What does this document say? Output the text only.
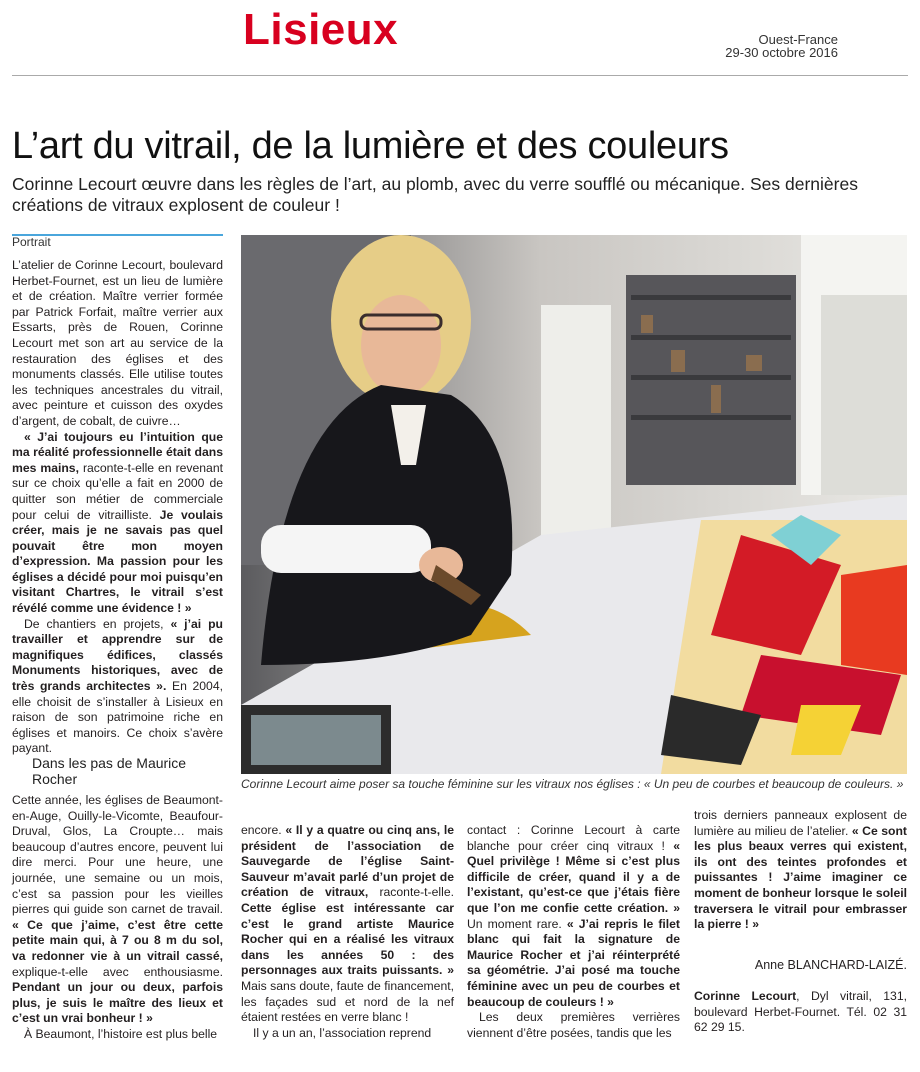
Lisieux	Ouest-France
29-30 octobre 2016
L’art du vitrail, de la lumière et des couleurs
Corinne Lecourt œuvre dans les règles de l’art, au plomb, avec du verre soufflé ou mécanique. Ses dernières créations de vitraux explosent de couleur !
Portrait

L’atelier de Corinne Lecourt, boulevard Herbet-Fournet, est un lieu de lumière et de création. Maître verrier formée par Patrick Forfait, maître verrier aux Essarts, près de Rouen, Corinne Lecourt met son art au service de la restauration des églises et des monuments classés. Elle utilise toutes les techniques ancestrales du vitrail, avec peinture et cuisson des oxydes d’argent, de cobalt, de cuivre…

« J’ai toujours eu l’intuition que ma réalité professionnelle était dans mes mains, raconte-t-elle en revenant sur ce choix qu’elle a fait en 2000 de quitter son métier de commerciale pour celui de vitrailliste. Je voulais créer, mais je ne savais pas quel pouvait être mon moyen d’expression. Ma passion pour les églises a décidé pour moi puisqu’en visitant Chartres, le vitrail s’est révélé comme une évidence ! »

De chantiers en projets, « j’ai pu travailler et apprendre sur de magnifiques édifices, classés Monuments historiques, avec de très grands architectes ». En 2004, elle choisit de s’installer à Lisieux en raison de son patrimoine riche en églises et manoirs. Ce choix s’avère payant.

Dans les pas de Maurice Rocher

Cette année, les églises de Beaumont-en-Auge, Ouilly-le-Vicomte, Beaufour-Druval, Glos, La Croupte… mais beaucoup d’autres encore, peuvent lui dire merci. Pour une heure, une journée, une semaine ou un mois, c’est sa passion pour les vieilles pierres qui guide son carnet de travail. « Ce que j’aime, c’est être cette petite main qui, à 7 ou 8 m du sol, va redonner vie à un vitrail cassé, explique-t-elle avec enthousiasme. Pendant un jour ou deux, parfois plus, je suis le maître des lieux et c’est un vrai bonheur ! »

À Beaumont, l’histoire est plus belle

Corinne Lecourt aime poser sa touche féminine sur les vitraux nos églises : « Un peu de courbes et beaucoup de couleurs. »

encore. « Il y a quatre ou cinq ans, le président de l’association de Sauvegarde de l’église Saint-Sauveur m’avait parlé d’un projet de création de vitraux, raconte-t-elle. Cette église est intéressante car c’est le grand artiste Maurice Rocher qui en a réalisé les vitraux dans les années 50 : des personnages aux traits puissants. » Mais sans doute, faute de financement, les façades sud et nord de la nef étaient restées en verre blanc !

Il y a un an, l’association reprend

contact : Corinne Lecourt à carte blanche pour créer cinq vitraux ! « Quel privilège ! Même si c’est plus difficile de créer, quand il y a de l’existant, qu’est-ce que j’étais fière que l’on me confie cette création. » Un moment rare. « J’ai repris le filet blanc qui fait la signature de Maurice Rocher et j’ai réinterprété sa géométrie. J’ai posé ma touche féminine avec un peu de courbes et beaucoup de couleurs ! »

Les deux premières verrières viennent d’être posées, tandis que les

trois derniers panneaux explosent de lumière au milieu de l’atelier. « Ce sont les plus beaux verres qui existent, ils ont des teintes profondes et puissantes ! J’aime imaginer ce moment de bonheur lorsque le soleil traversera le vitrail pour embrasser la pierre ! »

Anne BLANCHARD-LAIZÉ.

Corinne Lecourt, Dyl vitrail, 131, boulevard Herbet-Fournet. Tél. 02 31 62 29 15.
